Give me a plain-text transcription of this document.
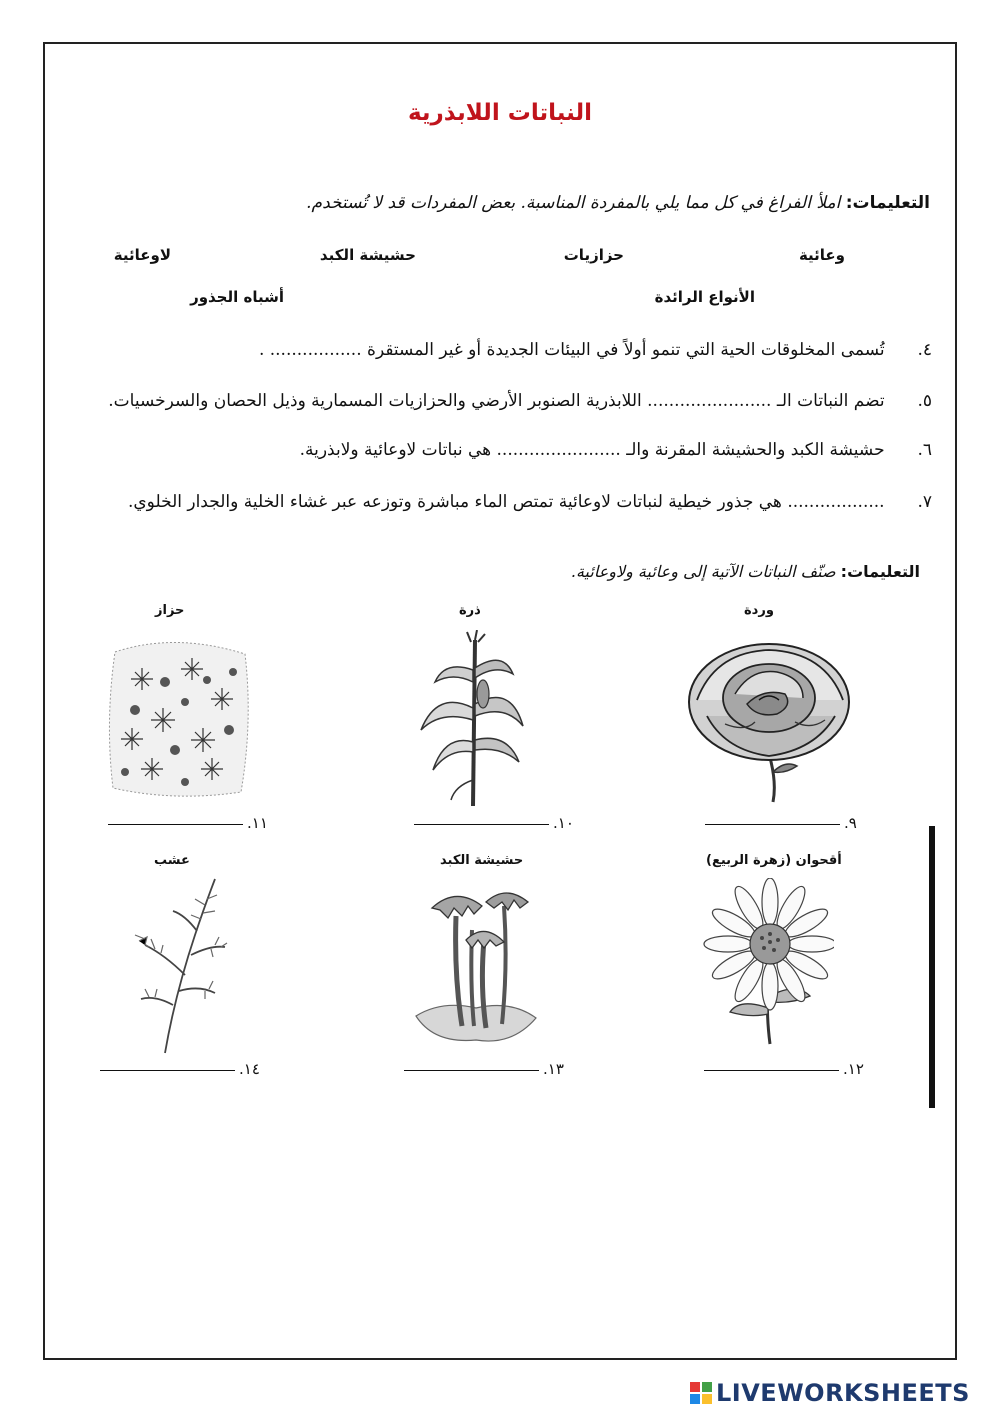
النباتات اللابذرية
التعليمات: املأ الفراغ في كل مما يلي بالمفردة المناسبة. بعض المفردات قد لا تُستخدم.
وعائية
حزازيات
حشيشة الكبد
لاوعائية
الأنواع الرائدة
أشباه الجذور
٤. تُسمى المخلوقات الحية التي تنمو أولاً في البيئات الجديدة أو غير المستقرة ................. .
٥. تضم النباتات الـ ....................... اللابذرية الصنوبر الأرضي والحزازيات المسمارية وذيل الحصان والسرخسيات.
٦. حشيشة الكبد والحشيشة المقرنة والـ ....................... هي نباتات لاوعائية ولابذرية.
٧. .................. هي جذور خيطية لنباتات لاوعائية تمتص الماء مباشرة وتوزعه عبر غشاء الخلية والجدار الخلوي.
التعليمات: صنّف النباتات الآتية إلى وعائية ولاوعائية.
وردة
ذرة
حزاز
٩.
١٠.
١١.
أقحوان (زهرة الربيع)
حشيشة الكبد
عشب
١٢.
١٣.
١٤.
LIVEWORKSHEETS
